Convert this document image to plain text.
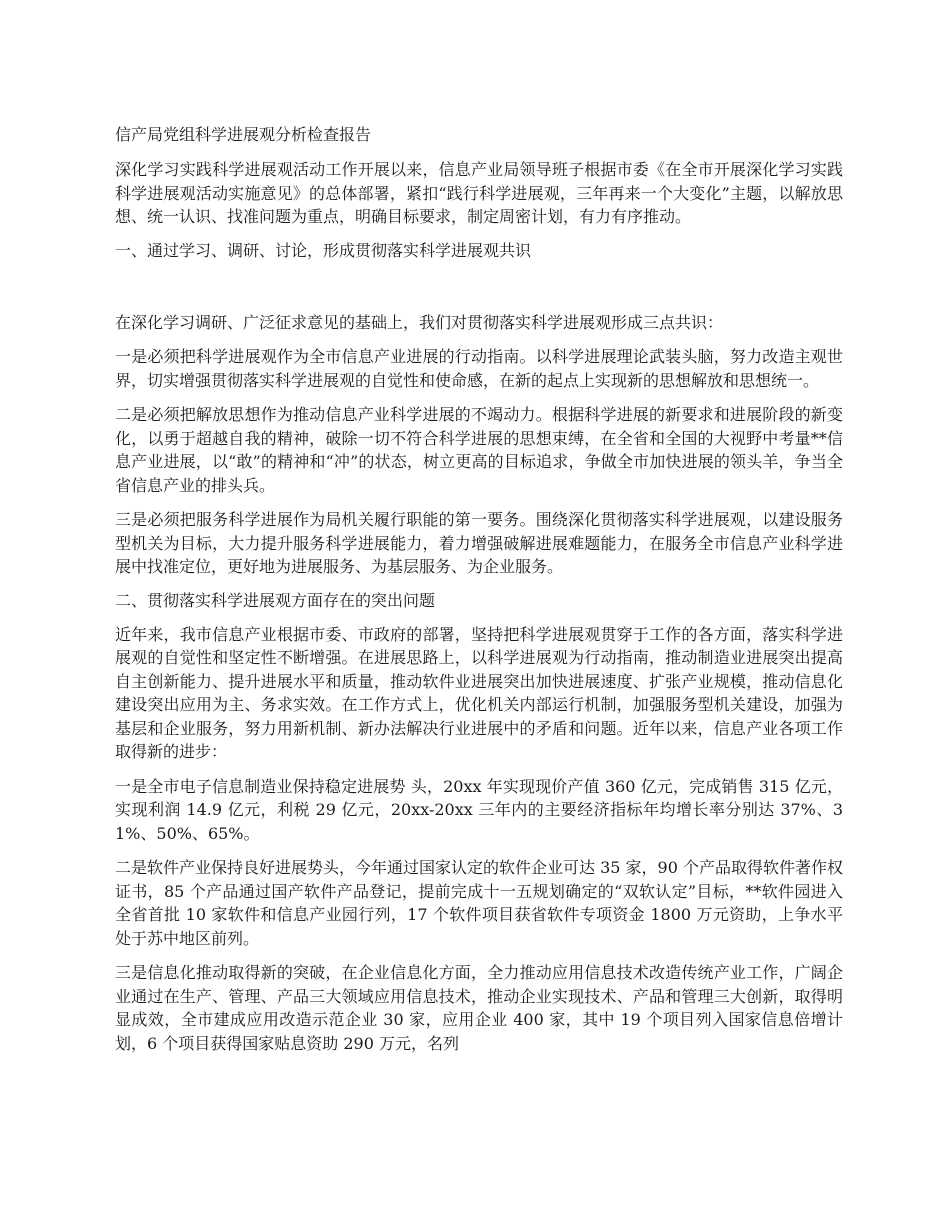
信产局党组科学进展观分析检查报告

深化学习实践科学进展观活动工作开展以来，信息产业局领导班子根据市委《在全市开展深化学习实践科学进展观活动实施意见》的总体部署，紧扣“践行科学进展观，三年再来一个大变化”主题，以解放思想、统一认识、找准问题为重点，明确目标要求，制定周密计划，有力有序推动。

一、通过学习、调研、讨论，形成贯彻落实科学进展观共识

在深化学习调研、广泛征求意见的基础上，我们对贯彻落实科学进展观形成三点共识：

一是必须把科学进展观作为全市信息产业进展的行动指南。以科学进展理论武装头脑，努力改造主观世界，切实增强贯彻落实科学进展观的自觉性和使命感，在新的起点上实现新的思想解放和思想统一。

二是必须把解放思想作为推动信息产业科学进展的不竭动力。根据科学进展的新要求和进展阶段的新变化，以勇于超越自我的精神，破除一切不符合科学进展的思想束缚，在全省和全国的大视野中考量**信息产业进展，以“敢”的精神和“冲”的状态，树立更高的目标追求，争做全市加快进展的领头羊，争当全省信息产业的排头兵。

三是必须把服务科学进展作为局机关履行职能的第一要务。围绕深化贯彻落实科学进展观，以建设服务型机关为目标，大力提升服务科学进展能力，着力增强破解进展难题能力，在服务全市信息产业科学进展中找准定位，更好地为进展服务、为基层服务、为企业服务。

二、贯彻落实科学进展观方面存在的突出问题

近年来，我市信息产业根据市委、市政府的部署，坚持把科学进展观贯穿于工作的各方面，落实科学进展观的自觉性和坚定性不断增强。在进展思路上，以科学进展观为行动指南，推动制造业进展突出提高自主创新能力、提升进展水平和质量，推动软件业进展突出加快进展速度、扩张产业规模，推动信息化建设突出应用为主、务求实效。在工作方式上，优化机关内部运行机制，加强服务型机关建设，加强为基层和企业服务，努力用新机制、新办法解决行业进展中的矛盾和问题。近年以来，信息产业各项工作取得新的进步：

一是全市电子信息制造业保持稳定进展势 头，20xx 年实现现价产值 360 亿元，完成销售 315 亿元，实现利润 14.9 亿元，利税 29 亿元，20xx-20xx 三年内的主要经济指标年均增长率分别达 37%、31%、50%、65%。

二是软件产业保持良好进展势头，今年通过国家认定的软件企业可达 35 家，90 个产品取得软件著作权证书，85 个产品通过国产软件产品登记，提前完成十一五规划确定的“双软认定”目标，**软件园进入全省首批 10 家软件和信息产业园行列，17 个软件项目获省软件专项资金 1800 万元资助，上争水平处于苏中地区前列。

三是信息化推动取得新的突破，在企业信息化方面，全力推动应用信息技术改造传统产业工作，广阔企业通过在生产、管理、产品三大领域应用信息技术，推动企业实现技术、产品和管理三大创新，取得明显成效，全市建成应用改造示范企业 30 家，应用企业 400 家，其中 19 个项目列入国家信息倍增计划，6 个项目获得国家贴息资助 290 万元，名列
